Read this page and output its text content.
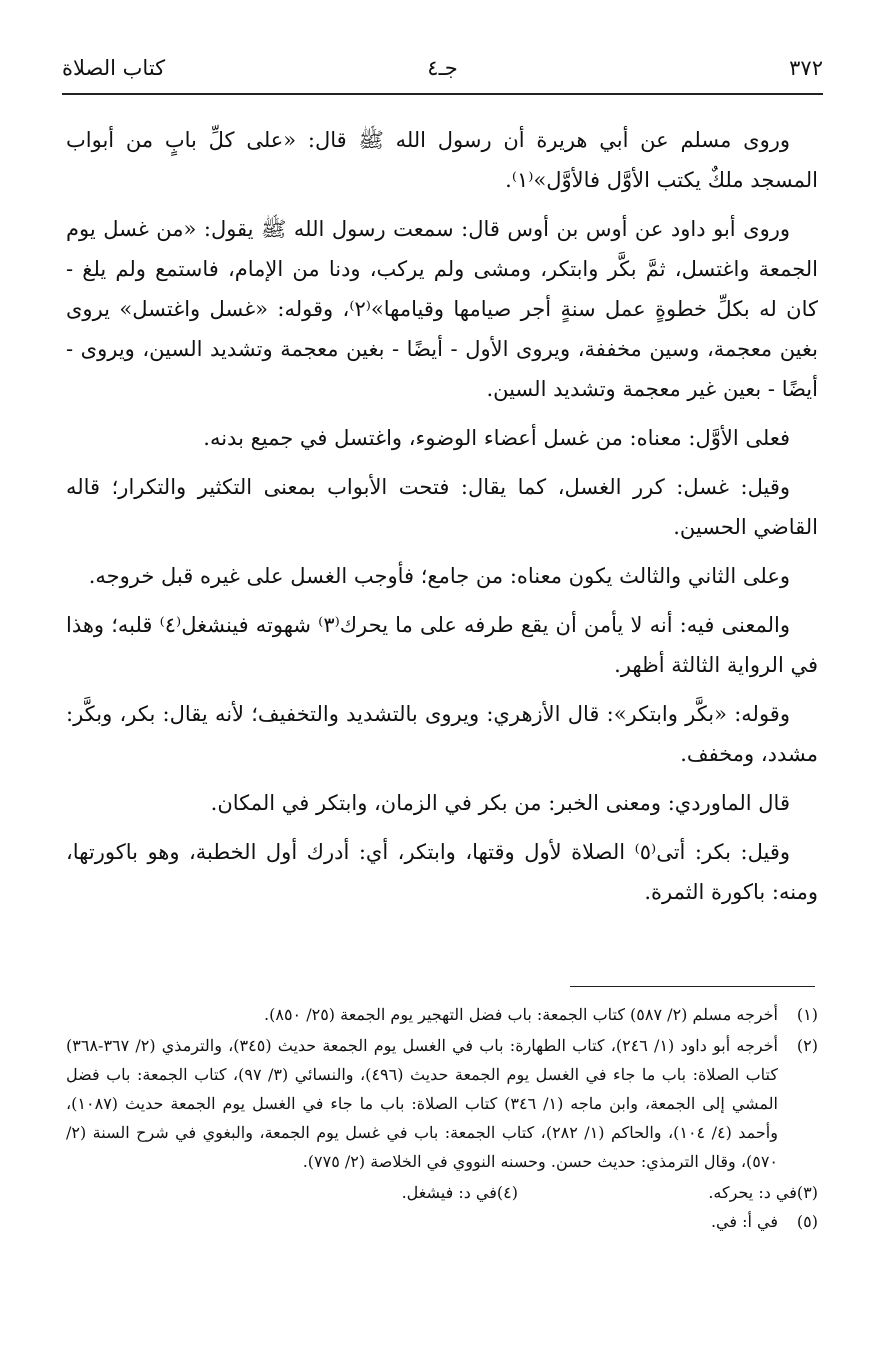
٣٧٢
جـ٤
كتاب الصلاة

وروى مسلم عن أبي هريرة أن رسول الله ﷺ قال: «على كلِّ بابٍ من أبواب المسجد ملكٌ يكتب الأوَّل فالأوَّل»⁽١⁾.

وروى أبو داود عن أوس بن أوس قال: سمعت رسول الله ﷺ يقول: «من غسل يوم الجمعة واغتسل، ثمَّ بكَّر وابتكر، ومشى ولم يركب، ودنا من الإمام، فاستمع ولم يلغ - كان له بكلِّ خطوةٍ عمل سنةٍ أجر صيامها وقيامها»⁽٢⁾، وقوله: «غسل واغتسل» يروى بغين معجمة، وسين مخففة، ويروى الأول - أيضًا - بغين معجمة وتشديد السين، ويروى - أيضًا - بعين غير معجمة وتشديد السين.

فعلى الأوَّل: معناه: من غسل أعضاء الوضوء، واغتسل في جميع بدنه.

وقيل: غسل: كرر الغسل، كما يقال: فتحت الأبواب بمعنى التكثير والتكرار؛ قاله القاضي الحسين.

وعلى الثاني والثالث يكون معناه: من جامع؛ فأوجب الغسل على غيره قبل خروجه.

والمعنى فيه: أنه لا يأمن أن يقع طرفه على ما يحرك⁽٣⁾ شهوته فينشغل⁽٤⁾ قلبه؛ وهذا في الرواية الثالثة أظهر.

وقوله: «بكَّر وابتكر»: قال الأزهري: ويروى بالتشديد والتخفيف؛ لأنه يقال: بكر، وبكَّر: مشدد، ومخفف.

قال الماوردي: ومعنى الخبر: من بكر في الزمان، وابتكر في المكان.

وقيل: بكر: أتى⁽٥⁾ الصلاة لأول وقتها، وابتكر، أي: أدرك أول الخطبة، وهو باكورتها، ومنه: باكورة الثمرة.

(١)
أخرجه مسلم (٢/ ٥٨٧) كتاب الجمعة: باب فضل التهجير يوم الجمعة (٢٥/ ٨٥٠).
(٢)
أخرجه أبو داود (١/ ٢٤٦)، كتاب الطهارة: باب في الغسل يوم الجمعة حديث (٣٤٥)، والترمذي (٢/ ٣٦٧-٣٦٨) كتاب الصلاة: باب ما جاء في الغسل يوم الجمعة حديث (٤٩٦)، والنسائي (٣/ ٩٧)، كتاب الجمعة: باب فضل المشي إلى الجمعة، وابن ماجه (١/ ٣٤٦) كتاب الصلاة: باب ما جاء في الغسل يوم الجمعة حديث (١٠٨٧)، وأحمد (٤/ ١٠٤)، والحاكم (١/ ٢٨٢)، كتاب الجمعة: باب في غسل يوم الجمعة، والبغوي في شرح السنة (٢/ ٥٧٠)، وقال الترمذي: حديث حسن. وحسنه النووي في الخلاصة (٢/ ٧٧٥).
(٣)
في د: يحركه.
(٤)
في د: فيشغل.
(٥)
في أ: في.
